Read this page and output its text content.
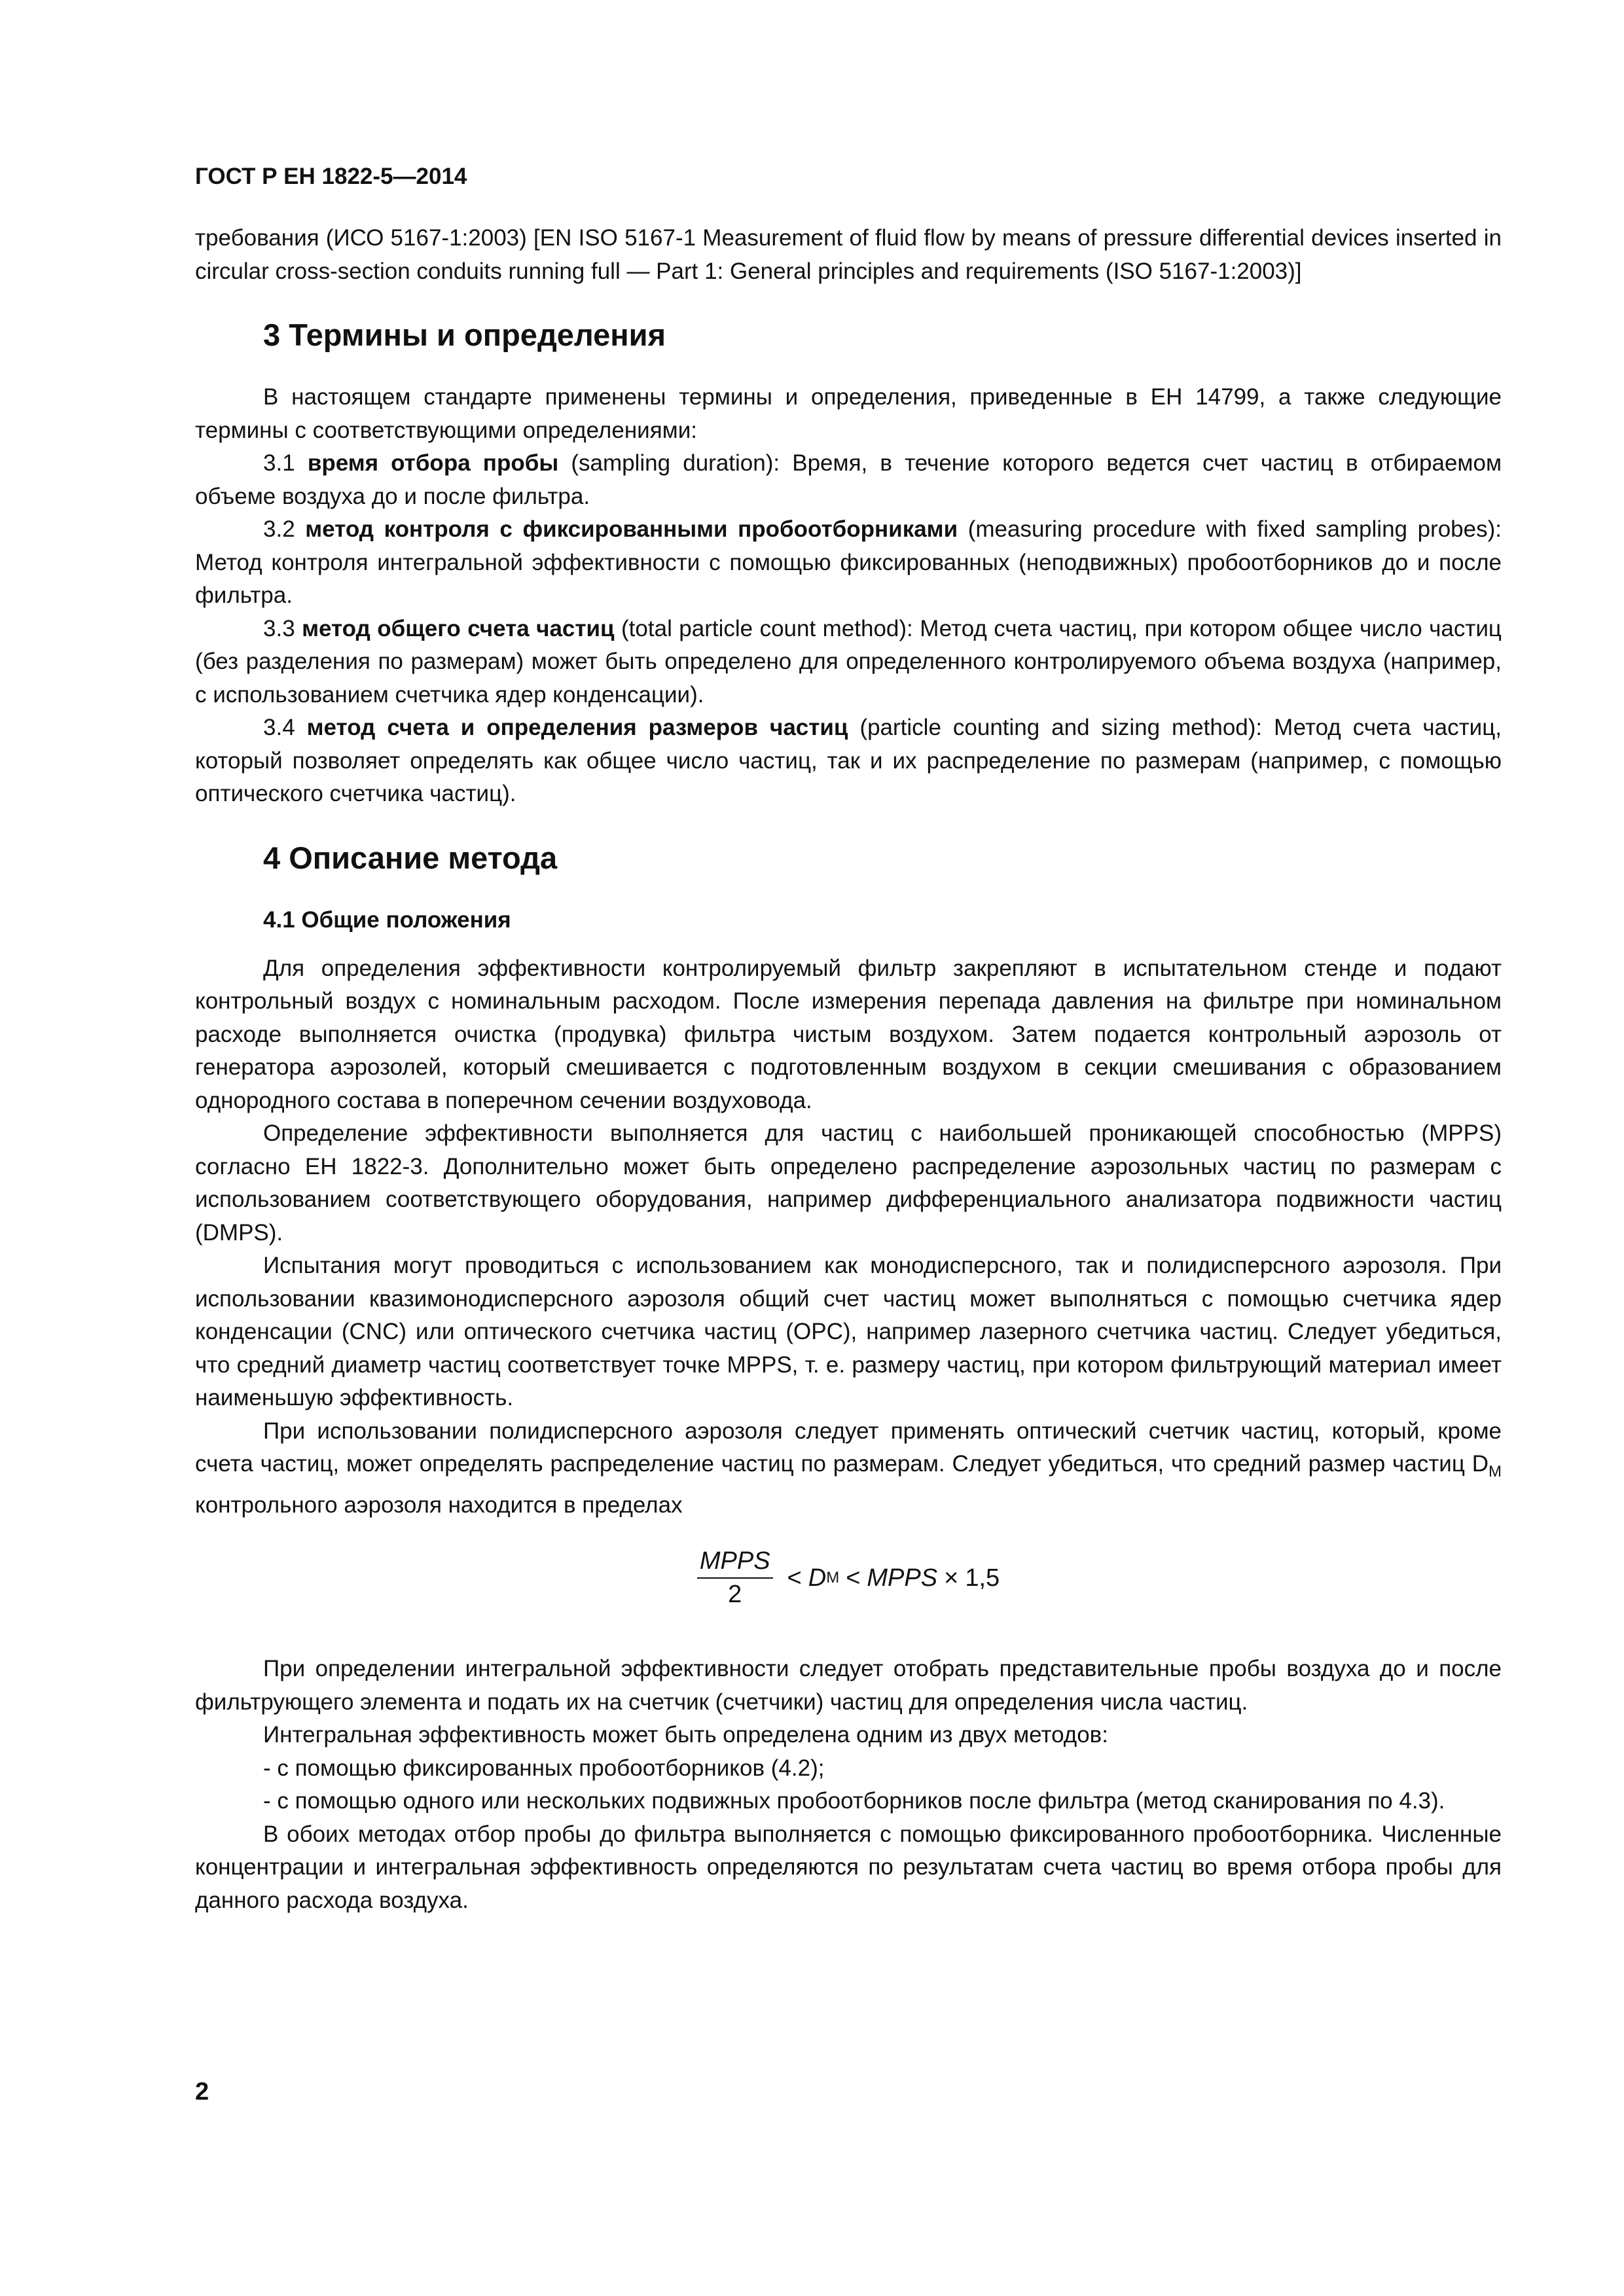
ГОСТ Р ЕН 1822-5—2014

требования (ИСО 5167-1:2003) [EN ISO 5167-1 Measurement of fluid flow by means of pressure differential devices inserted in circular cross-section conduits running full — Part 1: General principles and requirements (ISO 5167-1:2003)]

3 Термины и определения

В настоящем стандарте применены термины и определения, приведенные в ЕН 14799, а также следующие термины с соответствующими определениями:

3.1 время отбора пробы (sampling duration): Время, в течение которого ведется счет частиц в отбираемом объеме воздуха до и после фильтра.

3.2 метод контроля с фиксированными пробоотборниками (measuring procedure with fixed sampling probes): Метод контроля интегральной эффективности с помощью фиксированных (неподвижных) пробоотборников до и после фильтра.

3.3 метод общего счета частиц (total particle count method): Метод счета частиц, при котором общее число частиц (без разделения по размерам) может быть определено для определенного контролируемого объема воздуха (например, с использованием счетчика ядер конденсации).

3.4 метод счета и определения размеров частиц (particle counting and sizing method): Метод счета частиц, который позволяет определять как общее число частиц, так и их распределение по размерам (например, с помощью оптического счетчика частиц).

4 Описание метода
4.1 Общие положения

Для определения эффективности контролируемый фильтр закрепляют в испытательном стенде и подают контрольный воздух с номинальным расходом. После измерения перепада давления на фильтре при номинальном расходе выполняется очистка (продувка) фильтра чистым воздухом. Затем подается контрольный аэрозоль от генератора аэрозолей, который смешивается с подготовленным воздухом в секции смешивания с образованием однородного состава в поперечном сечении воздуховода.

Определение эффективности выполняется для частиц с наибольшей проникающей способностью (MPPS) согласно ЕН 1822-3. Дополнительно может быть определено распределение аэрозольных частиц по размерам с использованием соответствующего оборудования, например дифференциального анализатора подвижности частиц (DMPS).

Испытания могут проводиться с использованием как монодисперсного, так и полидисперсного аэрозоля. При использовании квазимонодисперсного аэрозоля общий счет частиц может выполняться с помощью счетчика ядер конденсации (CNC) или оптического счетчика частиц (OPC), например лазерного счетчика частиц. Следует убедиться, что средний диаметр частиц соответствует точке MPPS, т. е. размеру частиц, при котором фильтрующий материал имеет наименьшую эффективность.

При использовании полидисперсного аэрозоля следует применять оптический счетчик частиц, который, кроме счета частиц, может определять распределение частиц по размерам. Следует убедиться, что средний размер частиц $D_M$ контрольного аэрозоля находится в пределах

$\frac{\text{MPPS}}{2} < D$ M < MPPS × 1,5

При определении интегральной эффективности следует отобрать представительные пробы воздуха до и после фильтрующего элемента и подать их на счетчик (счетчики) частиц для определения числа частиц.

Интегральная эффективность может быть определена одним из двух методов:

- с помощью фиксированных пробоотборников (4.2);

- с помощью одного или нескольких подвижных пробоотборников после фильтра (метод сканирования по 4.3).

В обоих методах отбор пробы до фильтра выполняется с помощью фиксированного пробоотборника. Численные концентрации и интегральная эффективность определяются по результатам счета частиц во время отбора пробы для данного расхода воздуха.

2
